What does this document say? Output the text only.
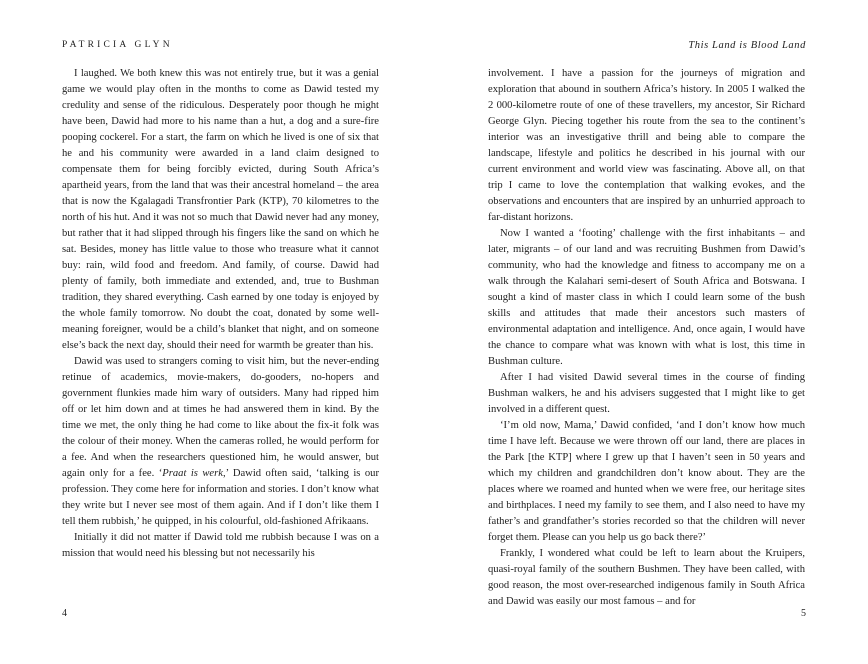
PATRICIA GLYN

I laughed. We both knew this was not entirely true, but it was a genial game we would play often in the months to come as Dawid tested my credulity and sense of the ridiculous. Desperately poor though he might have been, Dawid had more to his name than a hut, a dog and a sure-fire pooping cockerel. For a start, the farm on which he lived is one of six that he and his community were awarded in a land claim designed to compensate them for being forcibly evicted, during South Africa’s apartheid years, from the land that was their ancestral homeland – the area that is now the Kgalagadi Transfrontier Park (KTP), 70 kilometres to the north of his hut. And it was not so much that Dawid never had any money, but rather that it had slipped through his fingers like the sand on which he sat. Besides, money has little value to those who treasure what it cannot buy: rain, wild food and freedom. And family, of course. Dawid had plenty of family, both immediate and extended, and, true to Bushman tradition, they shared everything. Cash earned by one today is enjoyed by the whole family tomorrow. No doubt the coat, donated by some well-meaning foreigner, would be a child’s blanket that night, and on someone else’s back the next day, should their need for warmth be greater than his.

Dawid was used to strangers coming to visit him, but the never-ending retinue of academics, movie-makers, do-gooders, no-hopers and government flunkies made him wary of outsiders. Many had ripped him off or let him down and at times he had answered them in kind. By the time we met, the only thing he had come to like about the fix-it folk was the colour of their money. When the cameras rolled, he would perform for a fee. And when the researchers questioned him, he would answer, but again only for a fee. ‘Praat is werk,’ Dawid often said, ‘talking is our profession. They come here for information and stories. I don’t know what they write but I never see most of them again. And if I don’t like them I tell them rubbish,’ he quipped, in his colourful, old-fashioned Afrikaans.

Initially it did not matter if Dawid told me rubbish because I was on a mission that would need his blessing but not necessarily his

4
This Land is Blood Land

involvement. I have a passion for the journeys of migration and exploration that abound in southern Africa’s history. In 2005 I walked the 2 000-kilometre route of one of these travellers, my ancestor, Sir Richard George Glyn. Piecing together his route from the sea to the continent’s interior was an investigative thrill and being able to compare the landscape, lifestyle and politics he described in his journal with our current environment and world view was fascinating. Above all, on that trip I came to love the contemplation that walking evokes, and the observations and encounters that are inspired by an unhurried approach to far-distant horizons.

Now I wanted a ‘footing’ challenge with the first inhabitants – and later, migrants – of our land and was recruiting Bushmen from Dawid’s community, who had the knowledge and fitness to accompany me on a walk through the Kalahari semi-desert of South Africa and Botswana. I sought a kind of master class in which I could learn some of the bush skills and attitudes that made their ancestors such masters of environmental adaptation and intelligence. And, once again, I would have the chance to compare what was known with what is lost, this time in Bushman culture.

After I had visited Dawid several times in the course of finding Bushman walkers, he and his advisers suggested that I might like to get involved in a different quest.

‘I’m old now, Mama,’ Dawid confided, ‘and I don’t know how much time I have left. Because we were thrown off our land, there are places in the Park [the KTP] where I grew up that I haven’t seen in 50 years and which my children and grandchildren don’t know about. They are the places where we roamed and hunted when we were free, our heritage sites and birthplaces. I need my family to see them, and I also need to have my father’s and grandfather’s stories recorded so that the children will never forget them. Please can you help us go back there?’

Frankly, I wondered what could be left to learn about the Kruipers, quasi-royal family of the southern Bushmen. They have been called, with good reason, the most over-researched indigenous family in South Africa and Dawid was easily our most famous – and for

5
